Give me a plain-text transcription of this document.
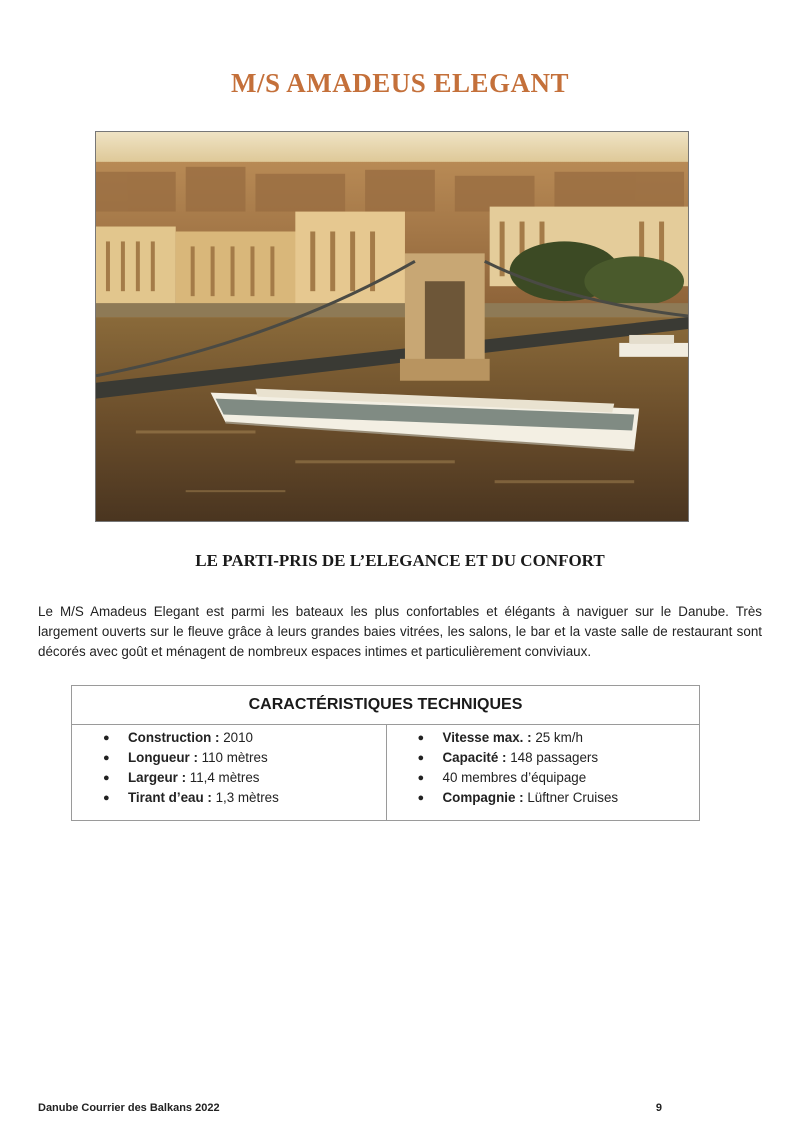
M/S AMADEUS ELEGANT
LE PARTI-PRIS DE L’ELEGANCE ET DU CONFORT

Le M/S Amadeus Elegant est parmi les bateaux les plus confortables et élégants à naviguer sur le Danube. Très largement ouverts sur le fleuve grâce à leurs grandes baies vitrées, les salons, le bar et la vaste salle de restaurant sont décorés avec goût et ménagent de nombreux espaces intimes et particulièrement conviviaux.

CARACTÉRISTIQUES TECHNIQUES
● Construction : 2010
● Longueur : 110 mètres
● Largeur : 11,4 mètres
● Tirant d’eau : 1,3 mètres
● Vitesse max. : 25 km/h
● Capacité : 148 passagers
● 40 membres d’équipage
● Compagnie : Lüftner Cruises
Danube Courrier des Balkans 2022	9
